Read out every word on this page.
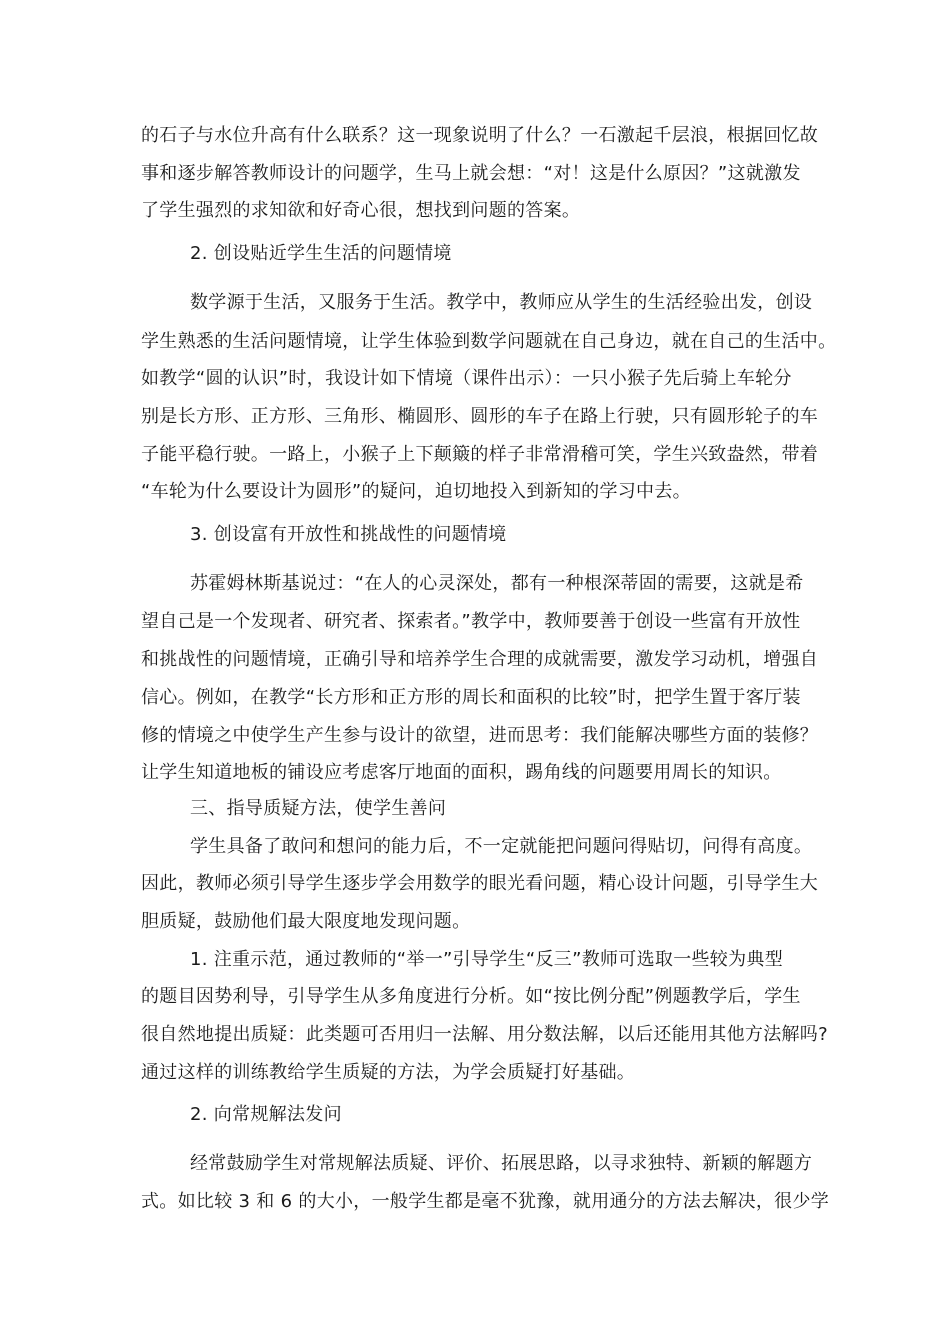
的石子与水位升高有什么联系？这一现象说明了什么？一石激起千层浪，根据回忆故
事和逐步解答教师设计的问题学，生马上就会想：“对！这是什么原因？”这就激发
了学生强烈的求知欲和好奇心很，想找到问题的答案。
2. 创设贴近学生生活的问题情境
数学源于生活，又服务于生活。教学中，教师应从学生的生活经验出发，创设
学生熟悉的生活问题情境，让学生体验到数学问题就在自己身边，就在自己的生活中。
如教学“圆的认识”时，我设计如下情境（课件出示）：一只小猴子先后骑上车轮分
别是长方形、正方形、三角形、椭圆形、圆形的车子在路上行驶，只有圆形轮子的车
子能平稳行驶。一路上，小猴子上下颠簸的样子非常滑稽可笑，学生兴致盎然，带着
“车轮为什么要设计为圆形”的疑问，迫切地投入到新知的学习中去。
3. 创设富有开放性和挑战性的问题情境
苏霍姆林斯基说过：“在人的心灵深处，都有一种根深蒂固的需要，这就是希
望自己是一个发现者、研究者、探索者。”教学中，教师要善于创设一些富有开放性
和挑战性的问题情境，正确引导和培养学生合理的成就需要，激发学习动机，增强自
信心。例如，在教学“长方形和正方形的周长和面积的比较”时，把学生置于客厅装
修的情境之中使学生产生参与设计的欲望，进而思考：我们能解决哪些方面的装修？
让学生知道地板的铺设应考虑客厅地面的面积，踢角线的问题要用周长的知识。
三、指导质疑方法，使学生善问
学生具备了敢问和想问的能力后，不一定就能把问题问得贴切，问得有高度。
因此，教师必须引导学生逐步学会用数学的眼光看问题，精心设计问题，引导学生大
胆质疑，鼓励他们最大限度地发现问题。
1. 注重示范，通过教师的“举一”引导学生“反三”教师可选取一些较为典型
的题目因势利导，引导学生从多角度进行分析。如“按比例分配”例题教学后，学生
很自然地提出质疑：此类题可否用归一法解、用分数法解，以后还能用其他方法解吗?
通过这样的训练教给学生质疑的方法，为学会质疑打好基础。
2. 向常规解法发问
经常鼓励学生对常规解法质疑、评价、拓展思路，以寻求独特、新颖的解题方
式。如比较 3 和 6 的大小，一般学生都是毫不犹豫，就用通分的方法去解决，很少学
